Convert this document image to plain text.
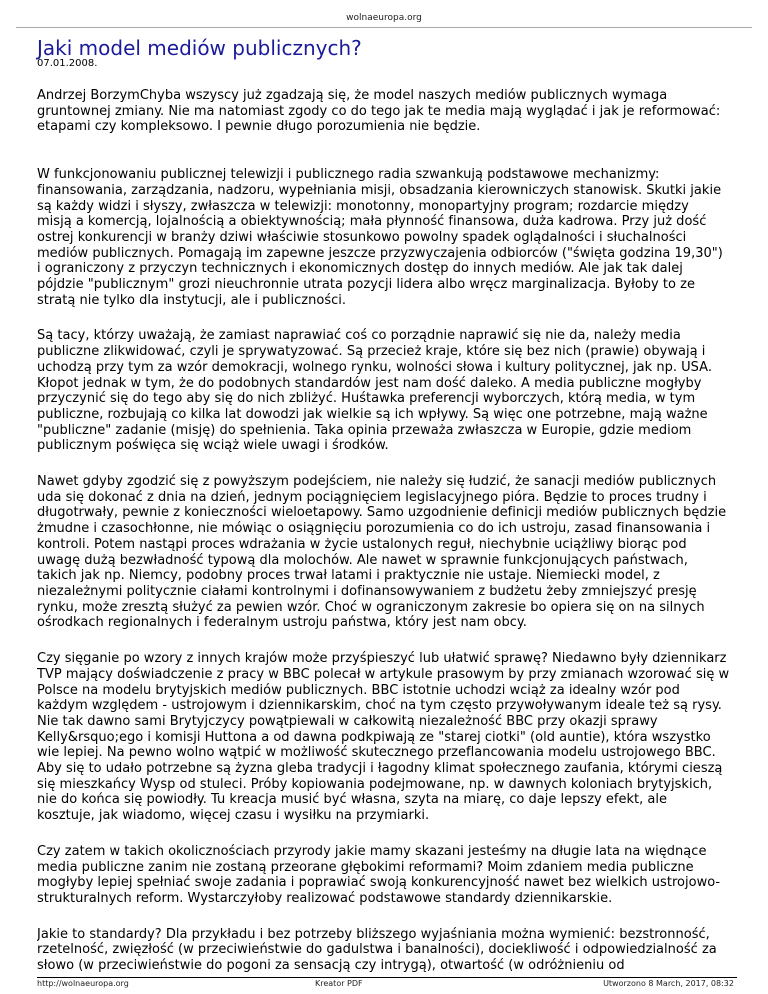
wolnaeuropa.org
Jaki model mediów publicznych?
07.01.2008.

Andrzej BorzymChyba wszyscy już zgadzają się, że model naszych mediów publicznych wymaga
gruntownej zmiany. Nie ma natomiast zgody co do tego jak te media mają wyglądać i jak je reformować:
etapami czy kompleksowo. I pewnie długo porozumienia nie będzie.

W funkcjonowaniu publicznej telewizji i publicznego radia szwankują podstawowe mechanizmy:
finansowania, zarządzania, nadzoru, wypełniania misji, obsadzania kierowniczych stanowisk. Skutki jakie
są każdy widzi i słyszy, zwłaszcza w telewizji: monotonny, monopartyjny program; rozdarcie między
misją a komercją, lojalnością a obiektywnością; mała płynność finansowa, duża kadrowa. Przy już dość
ostrej konkurencji w branży dziwi właściwie stosunkowo powolny spadek oglądalności i słuchalności
mediów publicznych. Pomagają im zapewne jeszcze przyzwyczajenia odbiorców ("święta godzina 19,30")
i ograniczony z przyczyn technicznych i ekonomicznych dostęp do innych mediów. Ale jak tak dalej
pójdzie "publicznym" grozi nieuchronnie utrata pozycji lidera albo wręcz marginalizacja. Byłoby to ze
stratą nie tylko dla instytucji, ale i publiczności.

Są tacy, którzy uważają, że zamiast naprawiać coś co porządnie naprawić się nie da, należy media
publiczne zlikwidować, czyli je sprywatyzować. Są przecież kraje, które się bez nich (prawie) obywają i
uchodzą przy tym za wzór demokracji, wolnego rynku, wolności słowa i kultury politycznej, jak np. USA.
Kłopot jednak w tym, że do podobnych standardów jest nam dość daleko. A media publiczne mogłyby
przyczynić się do tego aby się do nich zbliżyć. Huśtawka preferencji wyborczych, którą media, w tym
publiczne, rozbujają co kilka lat dowodzi jak wielkie są ich wpływy. Są więc one potrzebne, mają ważne
"publiczne" zadanie (misję) do spełnienia. Taka opinia przeważa zwłaszcza w Europie, gdzie mediom
publicznym poświęca się wciąż wiele uwagi i środków.

Nawet gdyby zgodzić się z powyższym podejściem, nie należy się łudzić, że sanacji mediów publicznych
uda się dokonać z dnia na dzień, jednym pociągnięciem legislacyjnego pióra. Będzie to proces trudny i
długotrwały, pewnie z konieczności wieloetapowy. Samo uzgodnienie definicji mediów publicznych będzie
żmudne i czasochłonne, nie mówiąc o osiągnięciu porozumienia co do ich ustroju, zasad finansowania i
kontroli. Potem nastąpi proces wdrażania w życie ustalonych reguł, niechybnie uciążliwy biorąc pod
uwagę dużą bezwładność typową dla molochów. Ale nawet w sprawnie funkcjonujących państwach,
takich jak np. Niemcy, podobny proces trwał latami i praktycznie nie ustaje. Niemiecki model, z
niezależnymi politycznie ciałami kontrolnymi i dofinansowywaniem z budżetu żeby zmniejszyć presję
rynku, może zresztą służyć za pewien wzór. Choć w ograniczonym zakresie bo opiera się on na silnych
ośrodkach regionalnych i federalnym ustroju państwa, który jest nam obcy.

Czy sięganie po wzory z innych krajów może przyśpieszyć lub ułatwić sprawę? Niedawno były dziennikarz
TVP mający doświadczenie z pracy w BBC polecał w artykule prasowym by przy zmianach wzorować się w
Polsce na modelu brytyjskich mediów publicznych. BBC istotnie uchodzi wciąż za idealny wzór pod
każdym względem - ustrojowym i dziennikarskim, choć na tym często przywoływanym ideale też są rysy.
Nie tak dawno sami Brytyjczycy powątpiewali w całkowitą niezależność BBC przy okazji sprawy
Kelly&rsquo;ego i komisji Huttona a od dawna podkpiwają ze "starej ciotki" (old auntie), która wszystko
wie lepiej. Na pewno wolno wątpić w możliwość skutecznego przeflancowania modelu ustrojowego BBC.
Aby się to udało potrzebne są żyzna gleba tradycji i łagodny klimat społecznego zaufania, którymi cieszą
się mieszkańcy Wysp od stuleci. Próby kopiowania podejmowane, np. w dawnych koloniach brytyjskich,
nie do końca się powiodły. Tu kreacja musić być własna, szyta na miarę, co daje lepszy efekt, ale
kosztuje, jak wiadomo, więcej czasu i wysiłku na przymiarki.

Czy zatem w takich okolicznościach przyrody jakie mamy skazani jesteśmy na długie lata na więdnące
media publiczne zanim nie zostaną przeorane głębokimi reformami? Moim zdaniem media publiczne
mogłyby lepiej spełniać swoje zadania i poprawiać swoją konkurencyjność nawet bez wielkich ustrojowo-
strukturalnych reform. Wystarczyłoby realizować podstawowe standardy dziennikarskie.

Jakie to standardy? Dla przykładu i bez potrzeby bliższego wyjaśniania można wymienić: bezstronność,
rzetelność, zwięzłość (w przeciwieństwie do gadulstwa i banalności), dociekliwość i odpowiedzialność za
słowo (w przeciwieństwie do pogoni za sensacją czy intrygą), otwartość (w odróżnieniu od

http://wolnaeuropa.org	Kreator PDF	Utworzono 8 March, 2017, 08:32
